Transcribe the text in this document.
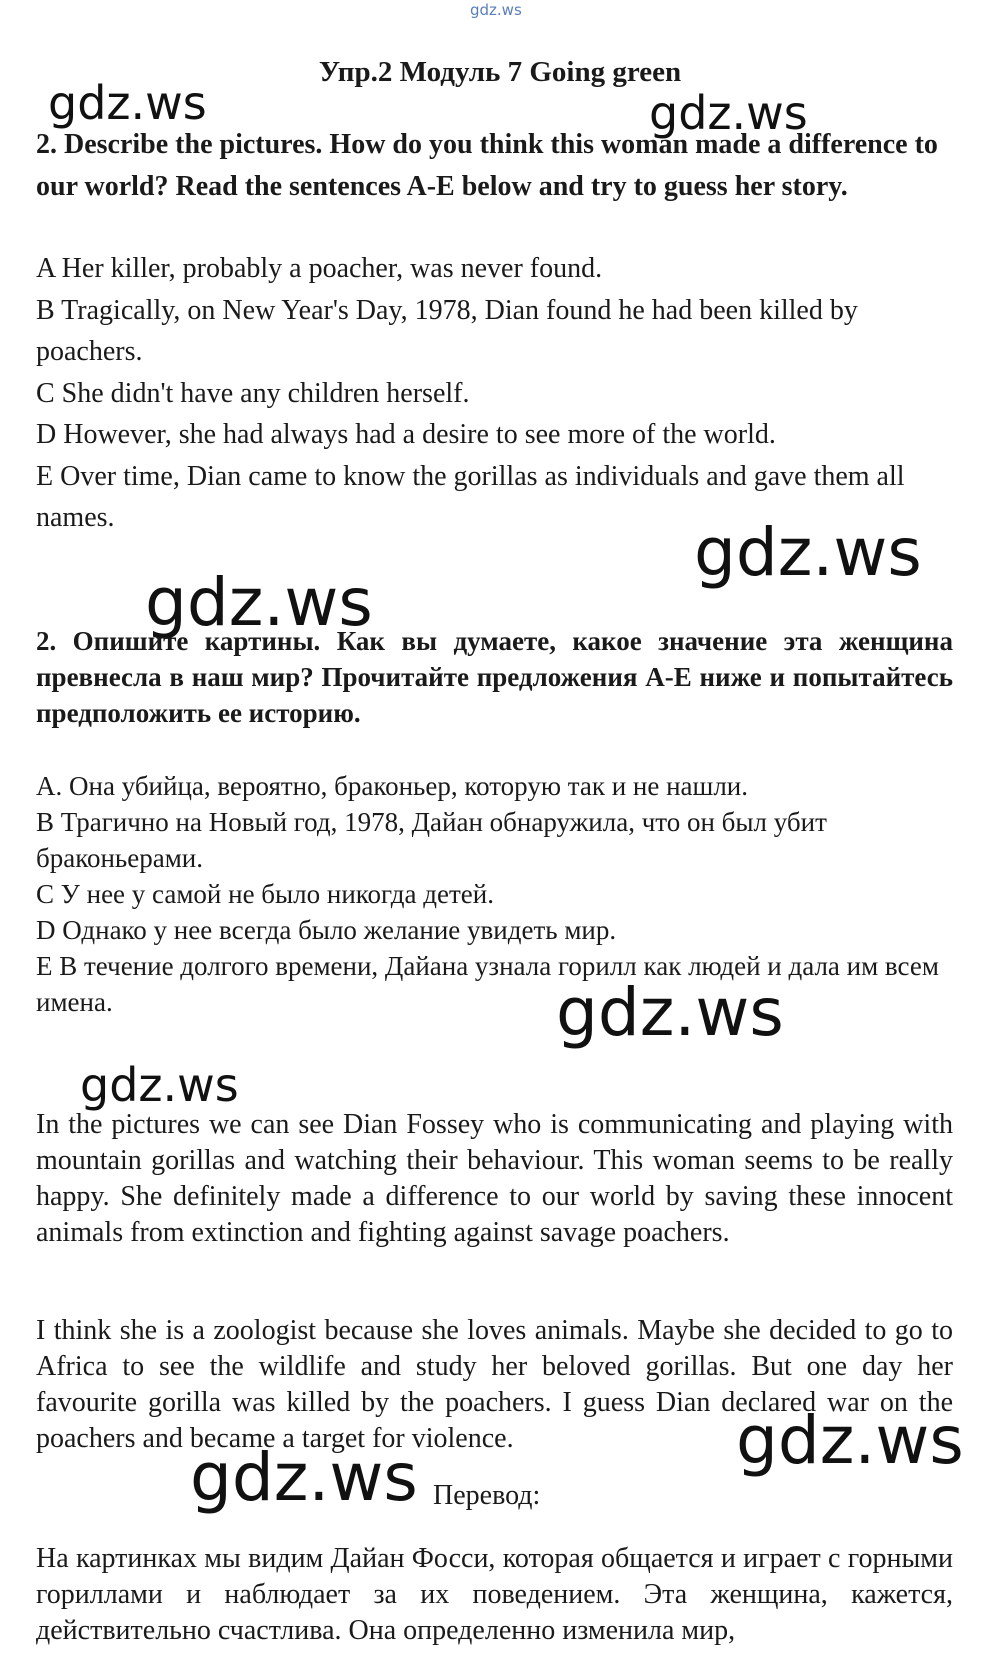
gdz.ws
gdz.ws	gdz.ws
gdz.ws
gdz.ws
gdz.ws
gdz.ws
gdz.ws
gdz.ws
Упр.2 Модуль 7 Going green
2. Describe the pictures. How do you think this woman made a difference to our world? Read the sentences A-E below and try to guess her story.
A Her killer, probably a poacher, was never found.
B Tragically, on New Year's Day, 1978, Dian found he had been killed by poachers.
C She didn't have any children herself.
D However, she had always had a desire to see more of the world.
E Over time, Dian came to know the gorillas as individuals and gave them all names.
2. Опишите картины. Как вы думаете, какое значение эта женщина превнесла в наш мир? Прочитайте предложения A-E ниже и попытайтесь предположить ее историю.
А. Она убийца, вероятно, браконьер, которую так и не нашли.
В Трагично на Новый год, 1978, Дайан обнаружила, что он был убит браконьерами.
С У нее у самой не было никогда детей.
D Однако у нее всегда было желание увидеть мир.
Е В течение долгого времени, Дайана узнала горилл как людей и дала им всем имена.
In the pictures we can see Dian Fossey who is communicating and playing with mountain gorillas and watching their behaviour. This woman seems to be really happy. She definitely made a difference to our world by saving these innocent animals from extinction and fighting against savage poachers.
I think she is a zoologist because she loves animals. Maybe she decided to go to Africa to see the wildlife and study her beloved gorillas. But one day her favourite gorilla was killed by the poachers. I guess Dian declared war on the poachers and became a target for violence.
Перевод:
На картинках мы видим Дайан Фосси, которая общается и играет с горными гориллами и наблюдает за их поведением. Эта женщина, кажется, действительно счастлива. Она определенно изменила мир,
